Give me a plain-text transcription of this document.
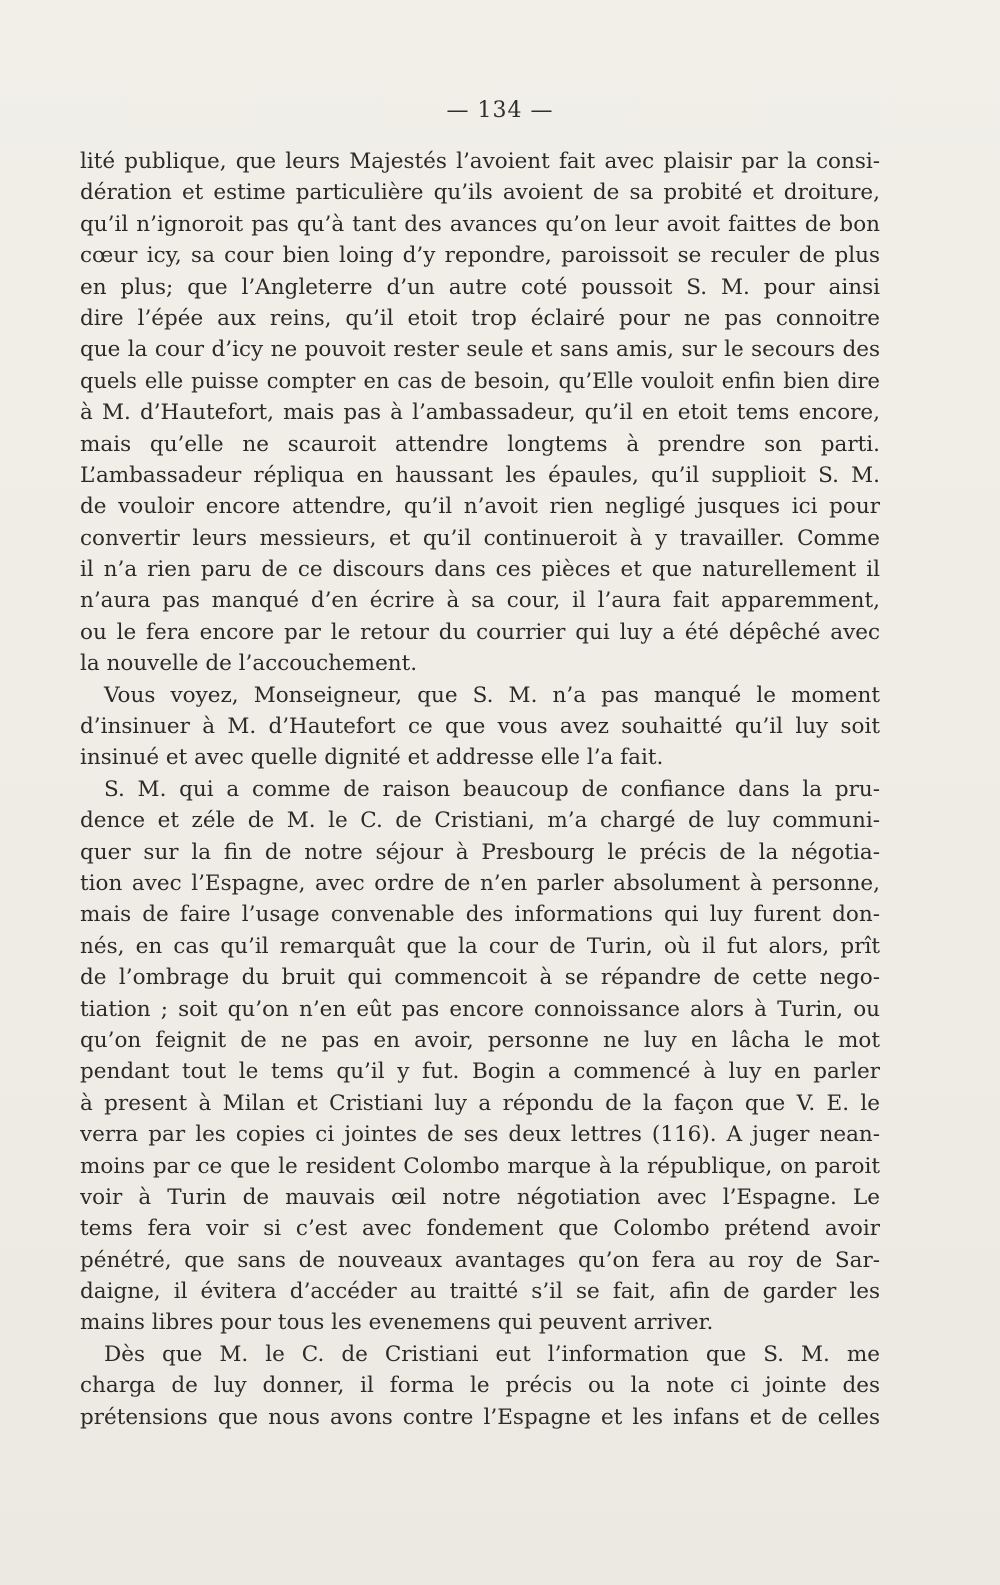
— 134 —
lité publique, que leurs Majestés l’avoient fait avec plaisir par la consi-
dération et estime particulière qu’ils avoient de sa probité et droiture,
qu’il n’ignoroit pas qu’à tant des avances qu’on leur avoit faittes de bon
cœur icy, sa cour bien loing d’y repondre, paroissoit se reculer de plus
en plus; que l’Angleterre d’un autre coté poussoit S. M. pour ainsi
dire l’épée aux reins, qu’il etoit trop éclairé pour ne pas connoitre
que la cour d’icy ne pouvoit rester seule et sans amis, sur le secours des
quels elle puisse compter en cas de besoin, qu’Elle vouloit enfin bien dire
à M. d’Hautefort, mais pas à l’ambassadeur, qu’il en etoit tems encore,
mais qu’elle ne scauroit attendre longtems à prendre son parti.
L’ambassadeur répliqua en haussant les épaules, qu’il supplioit S. M.
de vouloir encore attendre, qu’il n’avoit rien negligé jusques ici pour
convertir leurs messieurs, et qu’il continueroit à y travailler. Comme
il n’a rien paru de ce discours dans ces pièces et que naturellement il
n’aura pas manqué d’en écrire à sa cour, il l’aura fait apparemment,
ou le fera encore par le retour du courrier qui luy a été dépêché avec
la nouvelle de l’accouchement.
Vous voyez, Monseigneur, que S. M. n’a pas manqué le moment
d’insinuer à M. d’Hautefort ce que vous avez souhaitté qu’il luy soit
insinué et avec quelle dignité et addresse elle l’a fait.
S. M. qui a comme de raison beaucoup de confiance dans la pru-
dence et zéle de M. le C. de Cristiani, m’a chargé de luy communi-
quer sur la fin de notre séjour à Presbourg le précis de la négotia-
tion avec l’Espagne, avec ordre de n’en parler absolument à personne,
mais de faire l’usage convenable des informations qui luy furent don-
nés, en cas qu’il remarquât que la cour de Turin, où il fut alors, prît
de l’ombrage du bruit qui commencoit à se répandre de cette nego-
tiation ; soit qu’on n’en eût pas encore connoissance alors à Turin, ou
qu’on feignit de ne pas en avoir, personne ne luy en lâcha le mot
pendant tout le tems qu’il y fut. Bogin a commencé à luy en parler
à present à Milan et Cristiani luy a répondu de la façon que V. E. le
verra par les copies ci jointes de ses deux lettres (116). A juger nean-
moins par ce que le resident Colombo marque à la république, on paroit
voir à Turin de mauvais œil notre négotiation avec l’Espagne. Le
tems fera voir si c’est avec fondement que Colombo prétend avoir
pénétré, que sans de nouveaux avantages qu’on fera au roy de Sar-
daigne, il évitera d’accéder au traitté s’il se fait, afin de garder les
mains libres pour tous les evenemens qui peuvent arriver.
Dès que M. le C. de Cristiani eut l’information que S. M. me
charga de luy donner, il forma le précis ou la note ci jointe des
prétensions que nous avons contre l’Espagne et les infans et de celles
